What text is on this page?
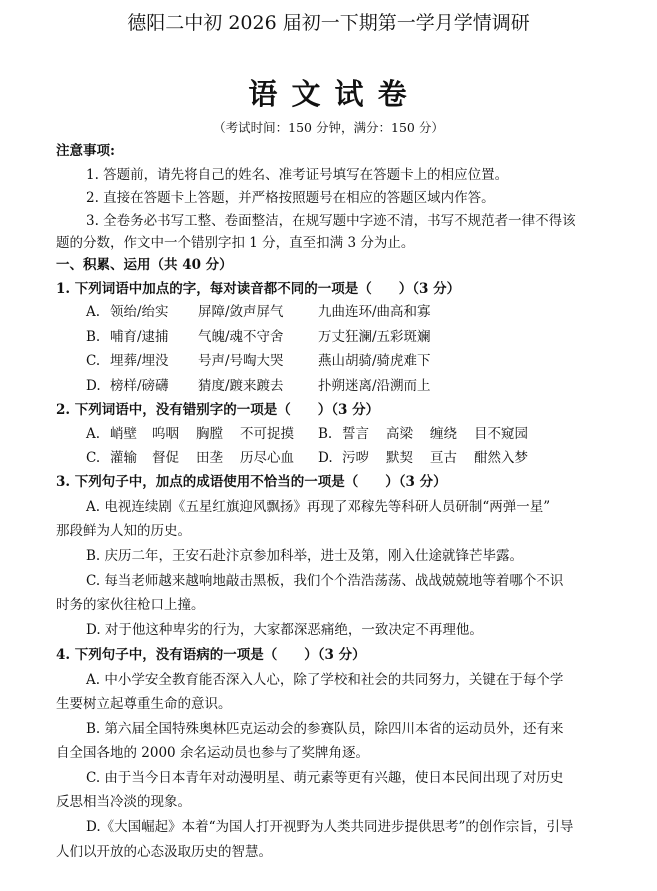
德阳二中初 2026 届初一下期第一学月学情调研
语 文 试 卷
（考试时间：150 分钟，满分：150 分）
注意事项:
1. 答题前，请先将自己的姓名、准考证号填写在答题卡上的相应位置。
2. 直接在答题卡上答题，并严格按照题号在相应的答题区域内作答。
3. 全卷务必书写工整、卷面整洁，在规写题中字迹不清，书写不规范者一律不得该
题的分数，作文中一个错别字扣 1 分，直至扣满 3 分为止。
一、积累、运用（共 40 分）
1. 下列词语中加点的字，每对读音都不同的一项是（　　）（3 分）
A. 领绐/绐实 屏障/敛声屏气	九曲连环/曲高和寡
B. 哺育/逮捕 气魄/魂不守舍	万丈狂澜/五彩斑斓
C. 埋葬/埋没 号声/号啕大哭	燕山胡骑/骑虎难下
D. 榜样/磅礴 猜度/踱来踱去	扑朔迷离/沿溯而上
2. 下列词语中，没有错别字的一项是（　　）（3 分）
A. 峭壁 呜咽 胸膛 不可捉摸 B. 誓言 高梁 缠绕 目不窥园
C. 灌输 督促 田垄 历尽心血 D. 污哕 默契 亘古 酣然入梦
3. 下列句子中，加点的成语使用不恰当的一项是（　　）（3 分）
A. 电视连续剧《五星红旗迎风飘扬》再现了邓稼先等科研人员研制“两弹一星”
那段鲜为人知的历史。
B. 庆历二年，王安石赴汴京参加科举，进士及第，刚入仕途就锋芒毕露。
C. 每当老师越来越响地敲击黑板，我们个个浩浩荡荡、战战兢兢地等着哪个不识
时务的家伙往枪口上撞。
D. 对于他这种卑劣的行为，大家都深恶痛绝，一致决定不再理他。
4. 下列句子中，没有语病的一项是（　　）（3 分）
A. 中小学安全教育能否深入人心，除了学校和社会的共同努力，关键在于每个学
生要树立起尊重生命的意识。
B. 第六届全国特殊奥林匹克运动会的参赛队员，除四川本省的运动员外，还有来
自全国各地的 2000 余名运动员也参与了奖牌角逐。
C. 由于当今日本青年对动漫明星、萌元素等更有兴趣，使日本民间出现了对历史
反思相当冷淡的现象。
D.《大国崛起》本着“为国人打开视野为人类共同进步提供思考”的创作宗旨，引导
人们以开放的心态汲取历史的智慧。
